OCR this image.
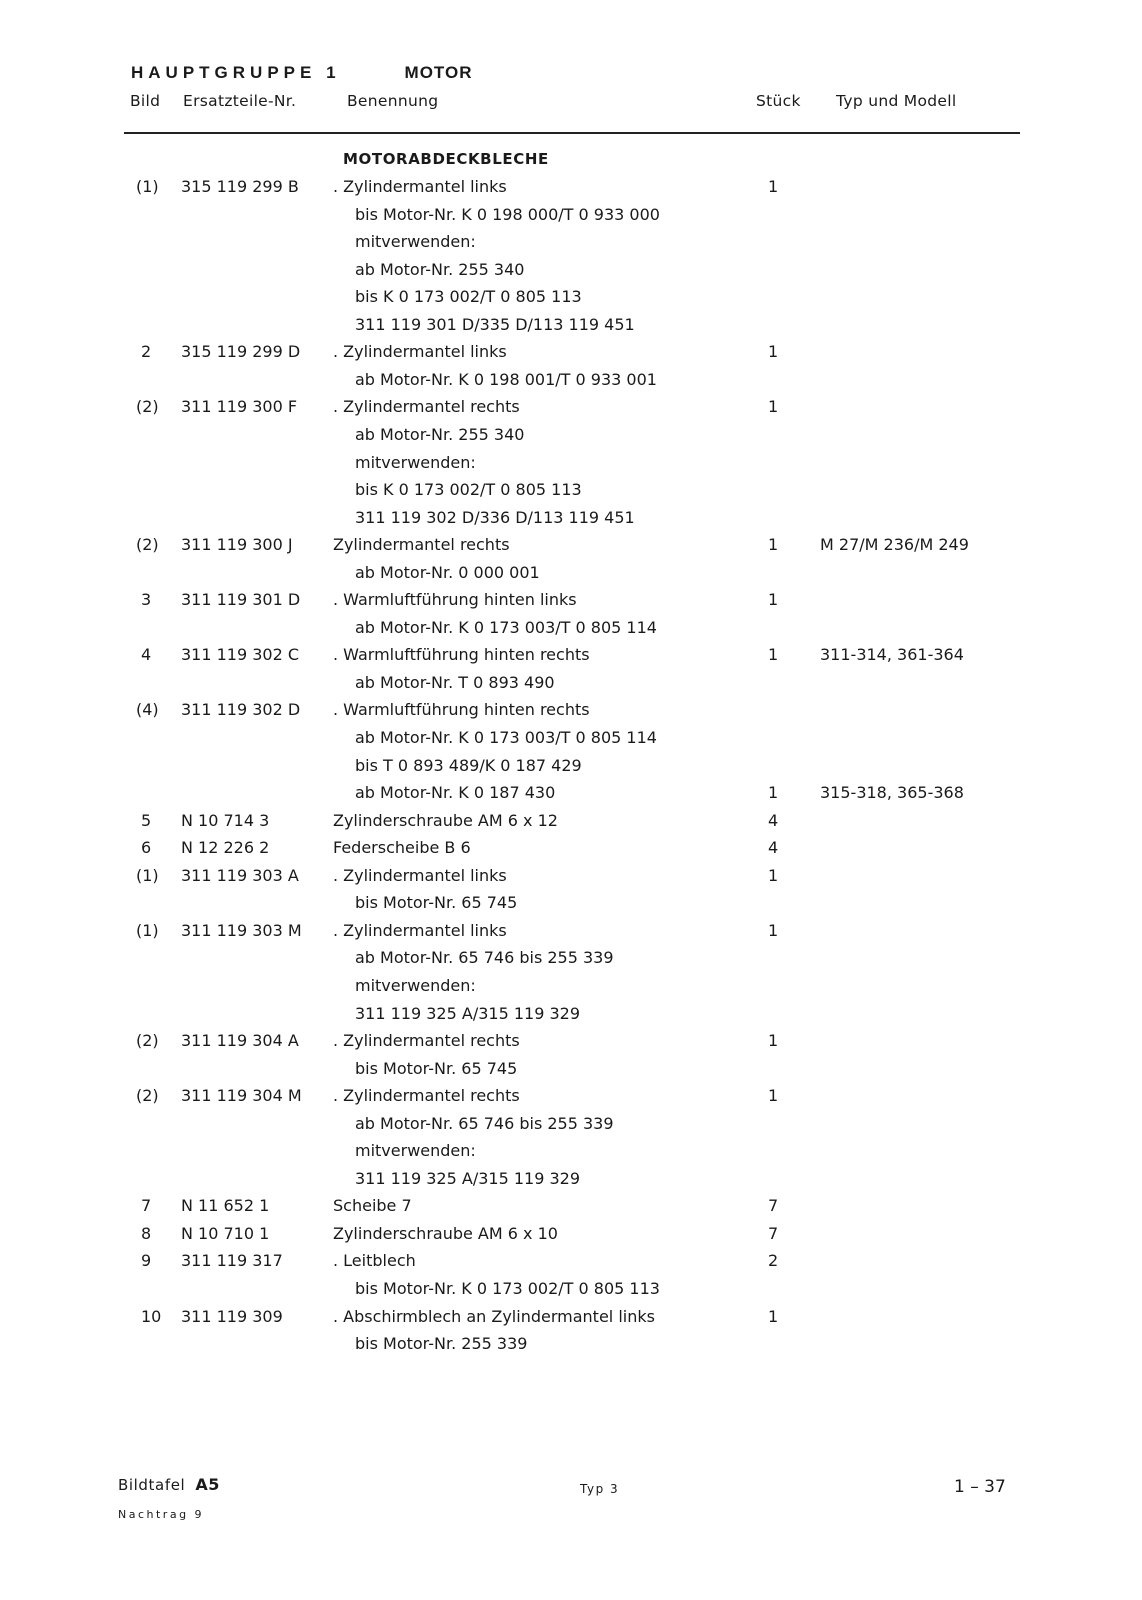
HAUPTGRUPPE 1	MOTOR
Bild Ersatzteile-Nr.	Benennung	Stück Typ und Modell
MOTORABDECKBLECHE
(1) 315 119 299 B . Zylindermantel links	1
bis Motor-Nr. K 0 198 000/T 0 933 000
mitverwenden:
ab Motor-Nr. 255 340
bis K 0 173 002/T 0 805 113
311 119 301 D/335 D/113 119 451
2 315 119 299 D . Zylindermantel links	1
ab Motor-Nr. K 0 198 001/T 0 933 001
(2) 311 119 300 F . Zylindermantel rechts	1
ab Motor-Nr. 255 340
mitverwenden:
bis K 0 173 002/T 0 805 113
311 119 302 D/336 D/113 119 451
(2) 311 119 300 J	Zylindermantel rechts	1	M 27/M 236/M 249
ab Motor-Nr. 0 000 001
3 311 119 301 D . Warmluftführung hinten links	1
ab Motor-Nr. K 0 173 003/T 0 805 114
4 311 119 302 C . Warmluftführung hinten rechts	1	311-314, 361-364
ab Motor-Nr. T 0 893 490
(4) 311 119 302 D . Warmluftführung hinten rechts
ab Motor-Nr. K 0 173 003/T 0 805 114
bis T 0 893 489/K 0 187 429
ab Motor-Nr. K 0 187 430	1	315-318, 365-368
5 N 10 714 3	Zylinderschraube AM 6 x 12	4
6 N 12 226 2	Federscheibe B 6	4
(1) 311 119 303 A . Zylindermantel links	1
bis Motor-Nr. 65 745
(1) 311 119 303 M . Zylindermantel links	1
ab Motor-Nr. 65 746 bis 255 339
mitverwenden:
311 119 325 A/315 119 329
(2) 311 119 304 A . Zylindermantel rechts	1
bis Motor-Nr. 65 745
(2) 311 119 304 M . Zylindermantel rechts	1
ab Motor-Nr. 65 746 bis 255 339
mitverwenden:
311 119 325 A/315 119 329
7 N 11 652 1	Scheibe 7	7
8 N 10 710 1	Zylinderschraube AM 6 x 10	7
9 311 119 317	. Leitblech	2
bis Motor-Nr. K 0 173 002/T 0 805 113
10 311 119 309	. Abschirmblech an Zylindermantel links	1
bis Motor-Nr. 255 339
Bildtafel A5
Nachtrag 9
Typ 3	1 – 37
